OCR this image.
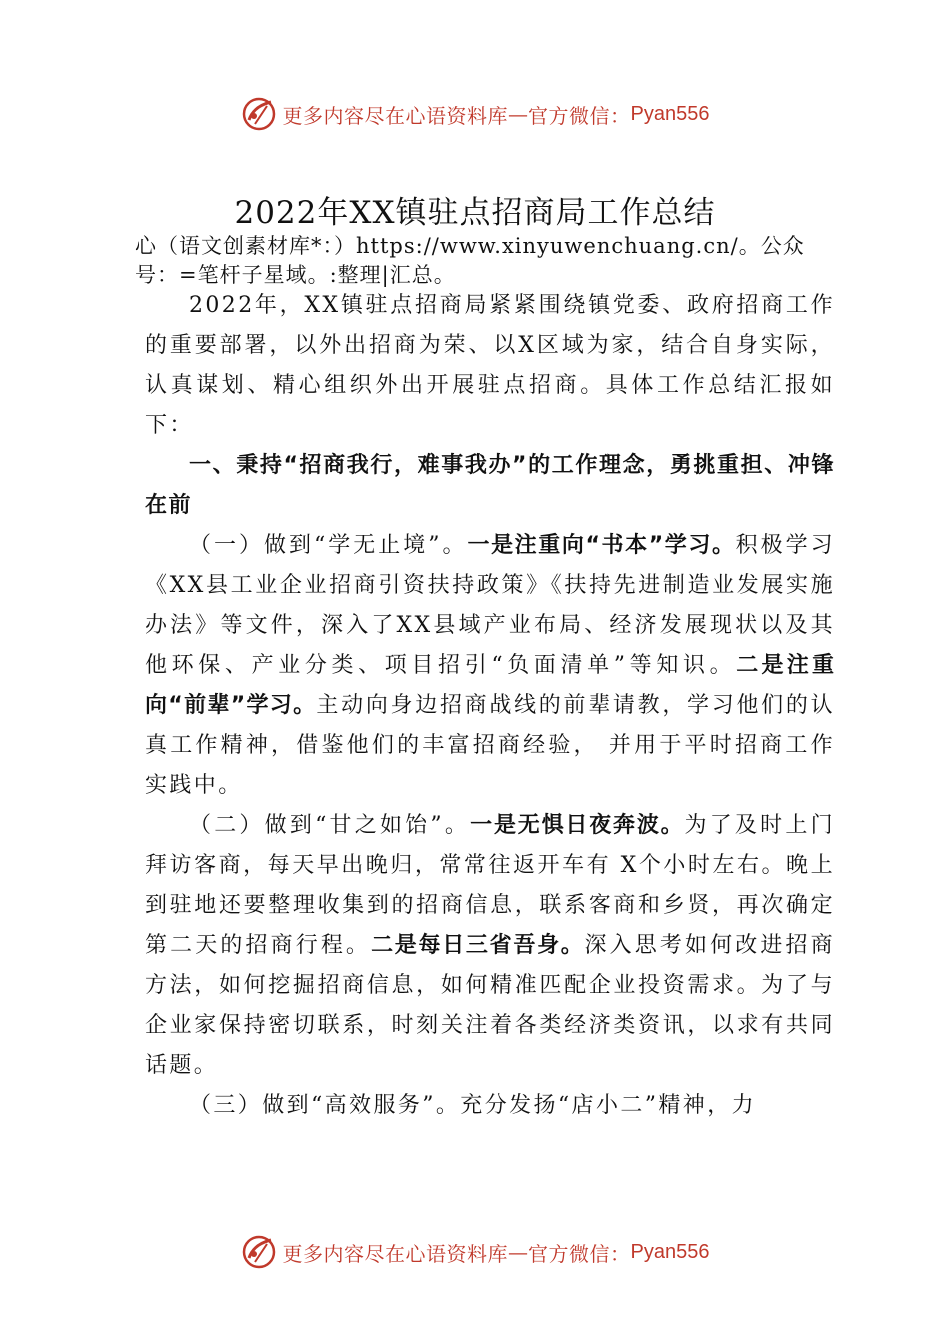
更多内容尽在心语资料库 — 官方微信： Pyan556
2022年XX镇驻点招商局工作总结
心（语文创素材库*：）https://www.xinyuwenchuang.cn/。公众号：=笔杆子星域。:整理|汇总。

2022年，XX镇驻点招商局紧紧围绕镇党委、政府招商工作的重要部署，以外出招商为荣、以X区域为家，结合自身实际，认真谋划、精心组织外出开展驻点招商。具体工作总结汇报如下：

一、秉持“招商我行，难事我办”的工作理念，勇挑重担、冲锋在前

（一）做到“学无止境”。一是注重向“书本”学习。积极学习《XX县工业企业招商引资扶持政策》《扶持先进制造业发展实施办法》等文件，深入了XX县域产业布局、经济发展现状以及其他环保、产业分类、项目招引“负面清单”等知识。二是注重向“前辈”学习。主动向身边招商战线的前辈请教，学习他们的认真工作精神，借鉴他们的丰富招商经验， 并用于平时招商工作实践中。

（二）做到“甘之如饴”。一是无惧日夜奔波。为了及时上门拜访客商，每天早出晚归，常常往返开车有 X个小时左右。晚上到驻地还要整理收集到的招商信息，联系客商和乡贤，再次确定第二天的招商行程。二是每日三省吾身。深入思考如何改进招商方法，如何挖掘招商信息，如何精准匹配企业投资需求。为了与企业家保持密切联系，时刻关注着各类经济类资讯，以求有共同话题。

（三）做到“高效服务”。充分发扬“店小二”精神，力

更多内容尽在心语资料库 — 官方微信： Pyan556
